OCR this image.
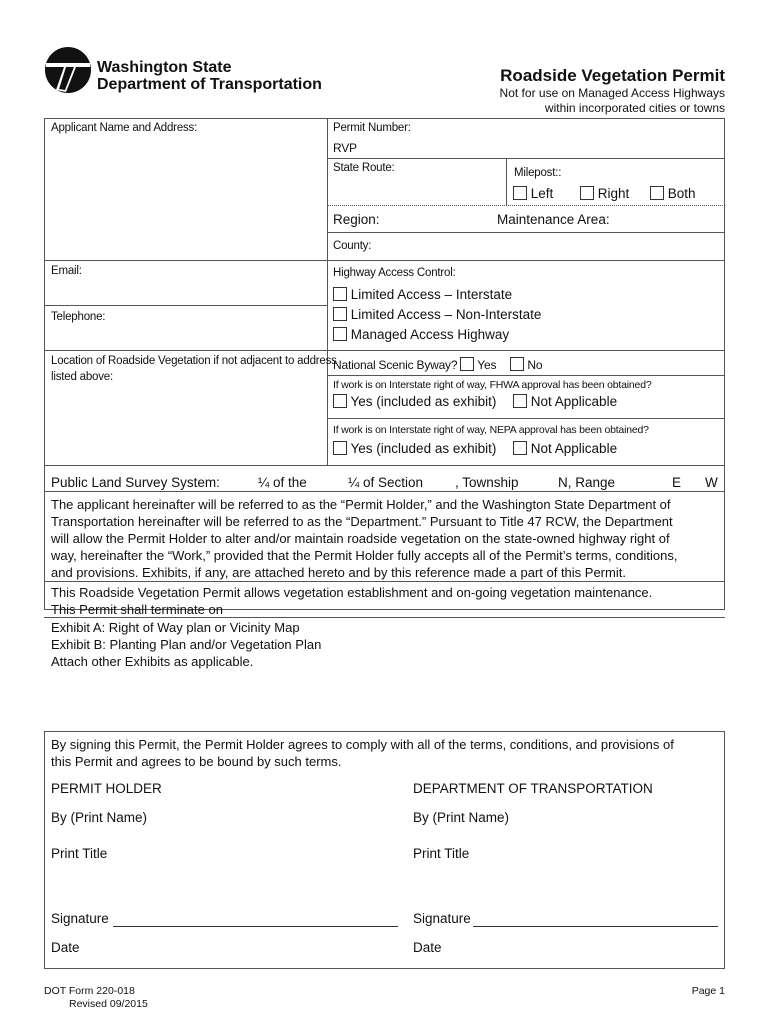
Washington State
Department of Transportation	Roadside Vegetation Permit
Not for use on Managed Access Highways
within incorporated cities or towns
Applicant Name and Address:
Email:
Telephone:
Location of Roadside Vegetation if not adjacent to address
listed above:
Permit Number:
RVP
State Route:	Milepost::
Left	Right	Both
Region:	Maintenance Area:
County:
Highway Access Control:
Limited Access – Interstate
Limited Access – Non-Interstate
Managed Access Highway
National Scenic Byway? Yes	No
If work is on Interstate right of way, FHWA approval has been obtained?
Yes (included as exhibit)	Not Applicable
If work is on Interstate right of way, NEPA approval has been obtained?
Yes (included as exhibit)	Not Applicable
Public Land Survey System:	¼ of the	¼ of Section , Township	N, Range	E W
The applicant hereinafter will be referred to as the “Permit Holder,” and the Washington State Department of
Transportation hereinafter will be referred to as the “Department.” Pursuant to Title 47 RCW, the Department
will allow the Permit Holder to alter and/or maintain roadside vegetation on the state-owned highway right of
way, hereinafter the “Work,” provided that the Permit Holder fully accepts all of the Permit’s terms, conditions,
and provisions. Exhibits, if any, are attached hereto and by this reference made a part of this Permit.
This Roadside Vegetation Permit allows vegetation establishment and on-going vegetation maintenance.
This Permit shall terminate on
Exhibit A: Right of Way plan or Vicinity Map
Exhibit B: Planting Plan and/or Vegetation Plan
Attach other Exhibits as applicable.
By signing this Permit, the Permit Holder agrees to comply with all of the terms, conditions, and provisions of
this Permit and agrees to be bound by such terms.
PERMIT HOLDER	DEPARTMENT OF TRANSPORTATION
By (Print Name)	By (Print Name)
Print Title	Print Title
Signature	Signature
Date	Date
DOT Form 220-018
Revised 09/2015
Page 1
